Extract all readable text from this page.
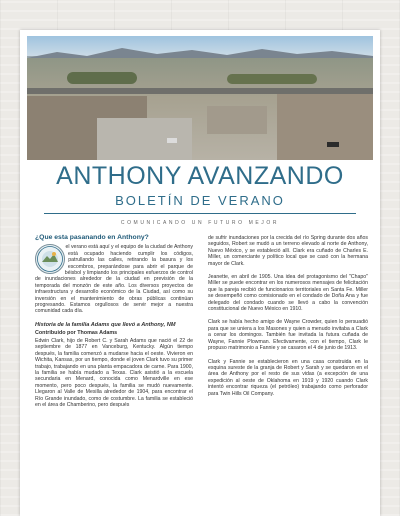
ANTHONY AVANZANDO
BOLETÍN DE VERANO
COMUNICANDO UN FUTURO MEJOR
¿Que esta pasanando en Anthony?

el verano está aquí y el equipo de la ciudad de Anthony está ocupado haciendo cumplir los códigos, patrullando las calles, retirando la basura y los escombros, preparándose para abrir el parque de béisbol y limpiando los principales esfuerzos de control de inundaciones alrededor de la ciudad en previsión de la temporada del monzón de este año. Los diversos proyectos de infraestructura y desarrollo económico de la Ciudad, así como su inversión en el mantenimiento de obras públicas continúan progresando. Estamos orgullosos de servir mejor a nuestra comunidad cada día.

Historia de la familia Adams que llevó a Anthony, NM
Contribuido por Thomas Adams

Edwin Clark, hijo de Robert C. y Sarah Adams que nació el 22 de septiembre de 1877 en Vanceburg, Kentucky. Algún tiempo después, la familia comenzó a mudarse hacia el oeste. Vivieron en Wichita, Kansas, por un tiempo, donde el joven Clark tuvo su primer trabajo, trabajando en una planta empacadora de carne. Para 1900, la familia se había mudado a Texas. Clark asistió a la escuela secundaria en Menard, conocida como Menardville en ese momento, pero poco después, la familia se mudó nuevamente. Llegaron al Valle de Mesilla alrededor de 1904, para encontrar el Río Grande inundado, como de costumbre. La familia se estableció en el área de Chamberino, pero después

de sufrir inundaciones por la crecida del río Spring durante dos años seguidos, Robert se mudó a un terreno elevado al norte de Anthony, Nuevo México, y se estableció allí. Clark era cuñado de Charles E. Miller, un comerciante y político local que se casó con la hermana mayor de Clark.

Jeanette, en abril de 1905. Una idea del protagonismo del "Chapo" Miller se puede encontrar en los numerosos mensajes de felicitación que la pareja recibió de funcionarios territoriales en Santa Fe. Miller se desempeñó como comisionado en el condado de Doña Ana y fue delegado del condado cuando se llevó a cabo la convención constitucional de Nuevo México en 1910.

Clark se había hecho amigo de Wayne Crowder, quien lo persuadió para que se uniera a los Masones y quien a menudo invitaba a Clark a cenar los domingos. También fue invitada la futura cuñada de Wayne, Fannie Plowman. Efectivamente, con el tiempo, Clark le propuso matrimonio a Fannie y se casaron el 4 de junio de 1913.

Clark y Fannie se establecieron en una casa construida en la esquina sureste de la granja de Robert y Sarah y se quedaron en el área de Anthony por el resto de sus vidas (a excepción de una expedición al oeste de Oklahoma en 1919 y 1920 cuando Clark intentó encontrar riqueza (el petróleo) trabajando como perforador para Twin Hills Oil Company.
